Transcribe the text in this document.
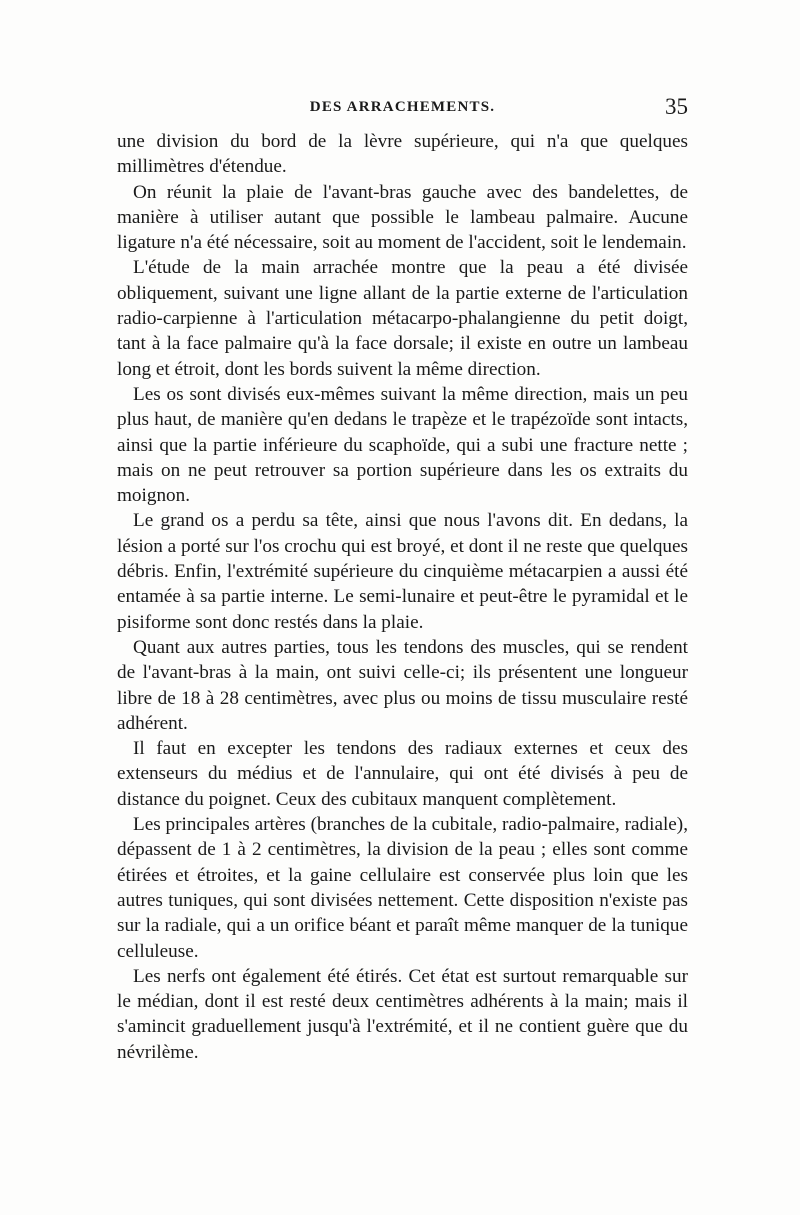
DES ARRACHEMENTS.	35

une division du bord de la lèvre supérieure, qui n'a que quelques millimètres d'étendue.

On réunit la plaie de l'avant-bras gauche avec des bandelettes, de manière à utiliser autant que possible le lambeau palmaire. Aucune ligature n'a été nécessaire, soit au moment de l'accident, soit le lendemain.

L'étude de la main arrachée montre que la peau a été divisée obliquement, suivant une ligne allant de la partie externe de l'articulation radio-carpienne à l'articulation métacarpo-phalangienne du petit doigt, tant à la face palmaire qu'à la face dorsale; il existe en outre un lambeau long et étroit, dont les bords suivent la même direction.

Les os sont divisés eux-mêmes suivant la même direction, mais un peu plus haut, de manière qu'en dedans le trapèze et le trapézoïde sont intacts, ainsi que la partie inférieure du scaphoïde, qui a subi une fracture nette ; mais on ne peut retrouver sa portion supérieure dans les os extraits du moignon.

Le grand os a perdu sa tête, ainsi que nous l'avons dit. En dedans, la lésion a porté sur l'os crochu qui est broyé, et dont il ne reste que quelques débris. Enfin, l'extrémité supérieure du cinquième métacarpien a aussi été entamée à sa partie interne. Le semi-lunaire et peut-être le pyramidal et le pisiforme sont donc restés dans la plaie.

Quant aux autres parties, tous les tendons des muscles, qui se rendent de l'avant-bras à la main, ont suivi celle-ci; ils présentent une longueur libre de 18 à 28 centimètres, avec plus ou moins de tissu musculaire resté adhérent.

Il faut en excepter les tendons des radiaux externes et ceux des extenseurs du médius et de l'annulaire, qui ont été divisés à peu de distance du poignet. Ceux des cubitaux manquent complètement.

Les principales artères (branches de la cubitale, radio-palmaire, radiale), dépassent de 1 à 2 centimètres, la division de la peau ; elles sont comme étirées et étroites, et la gaine cellulaire est conservée plus loin que les autres tuniques, qui sont divisées nettement. Cette disposition n'existe pas sur la radiale, qui a un orifice béant et paraît même manquer de la tunique celluleuse.

Les nerfs ont également été étirés. Cet état est surtout remarquable sur le médian, dont il est resté deux centimètres adhérents à la main; mais il s'amincit graduellement jusqu'à l'extrémité, et il ne contient guère que du névrilème.
